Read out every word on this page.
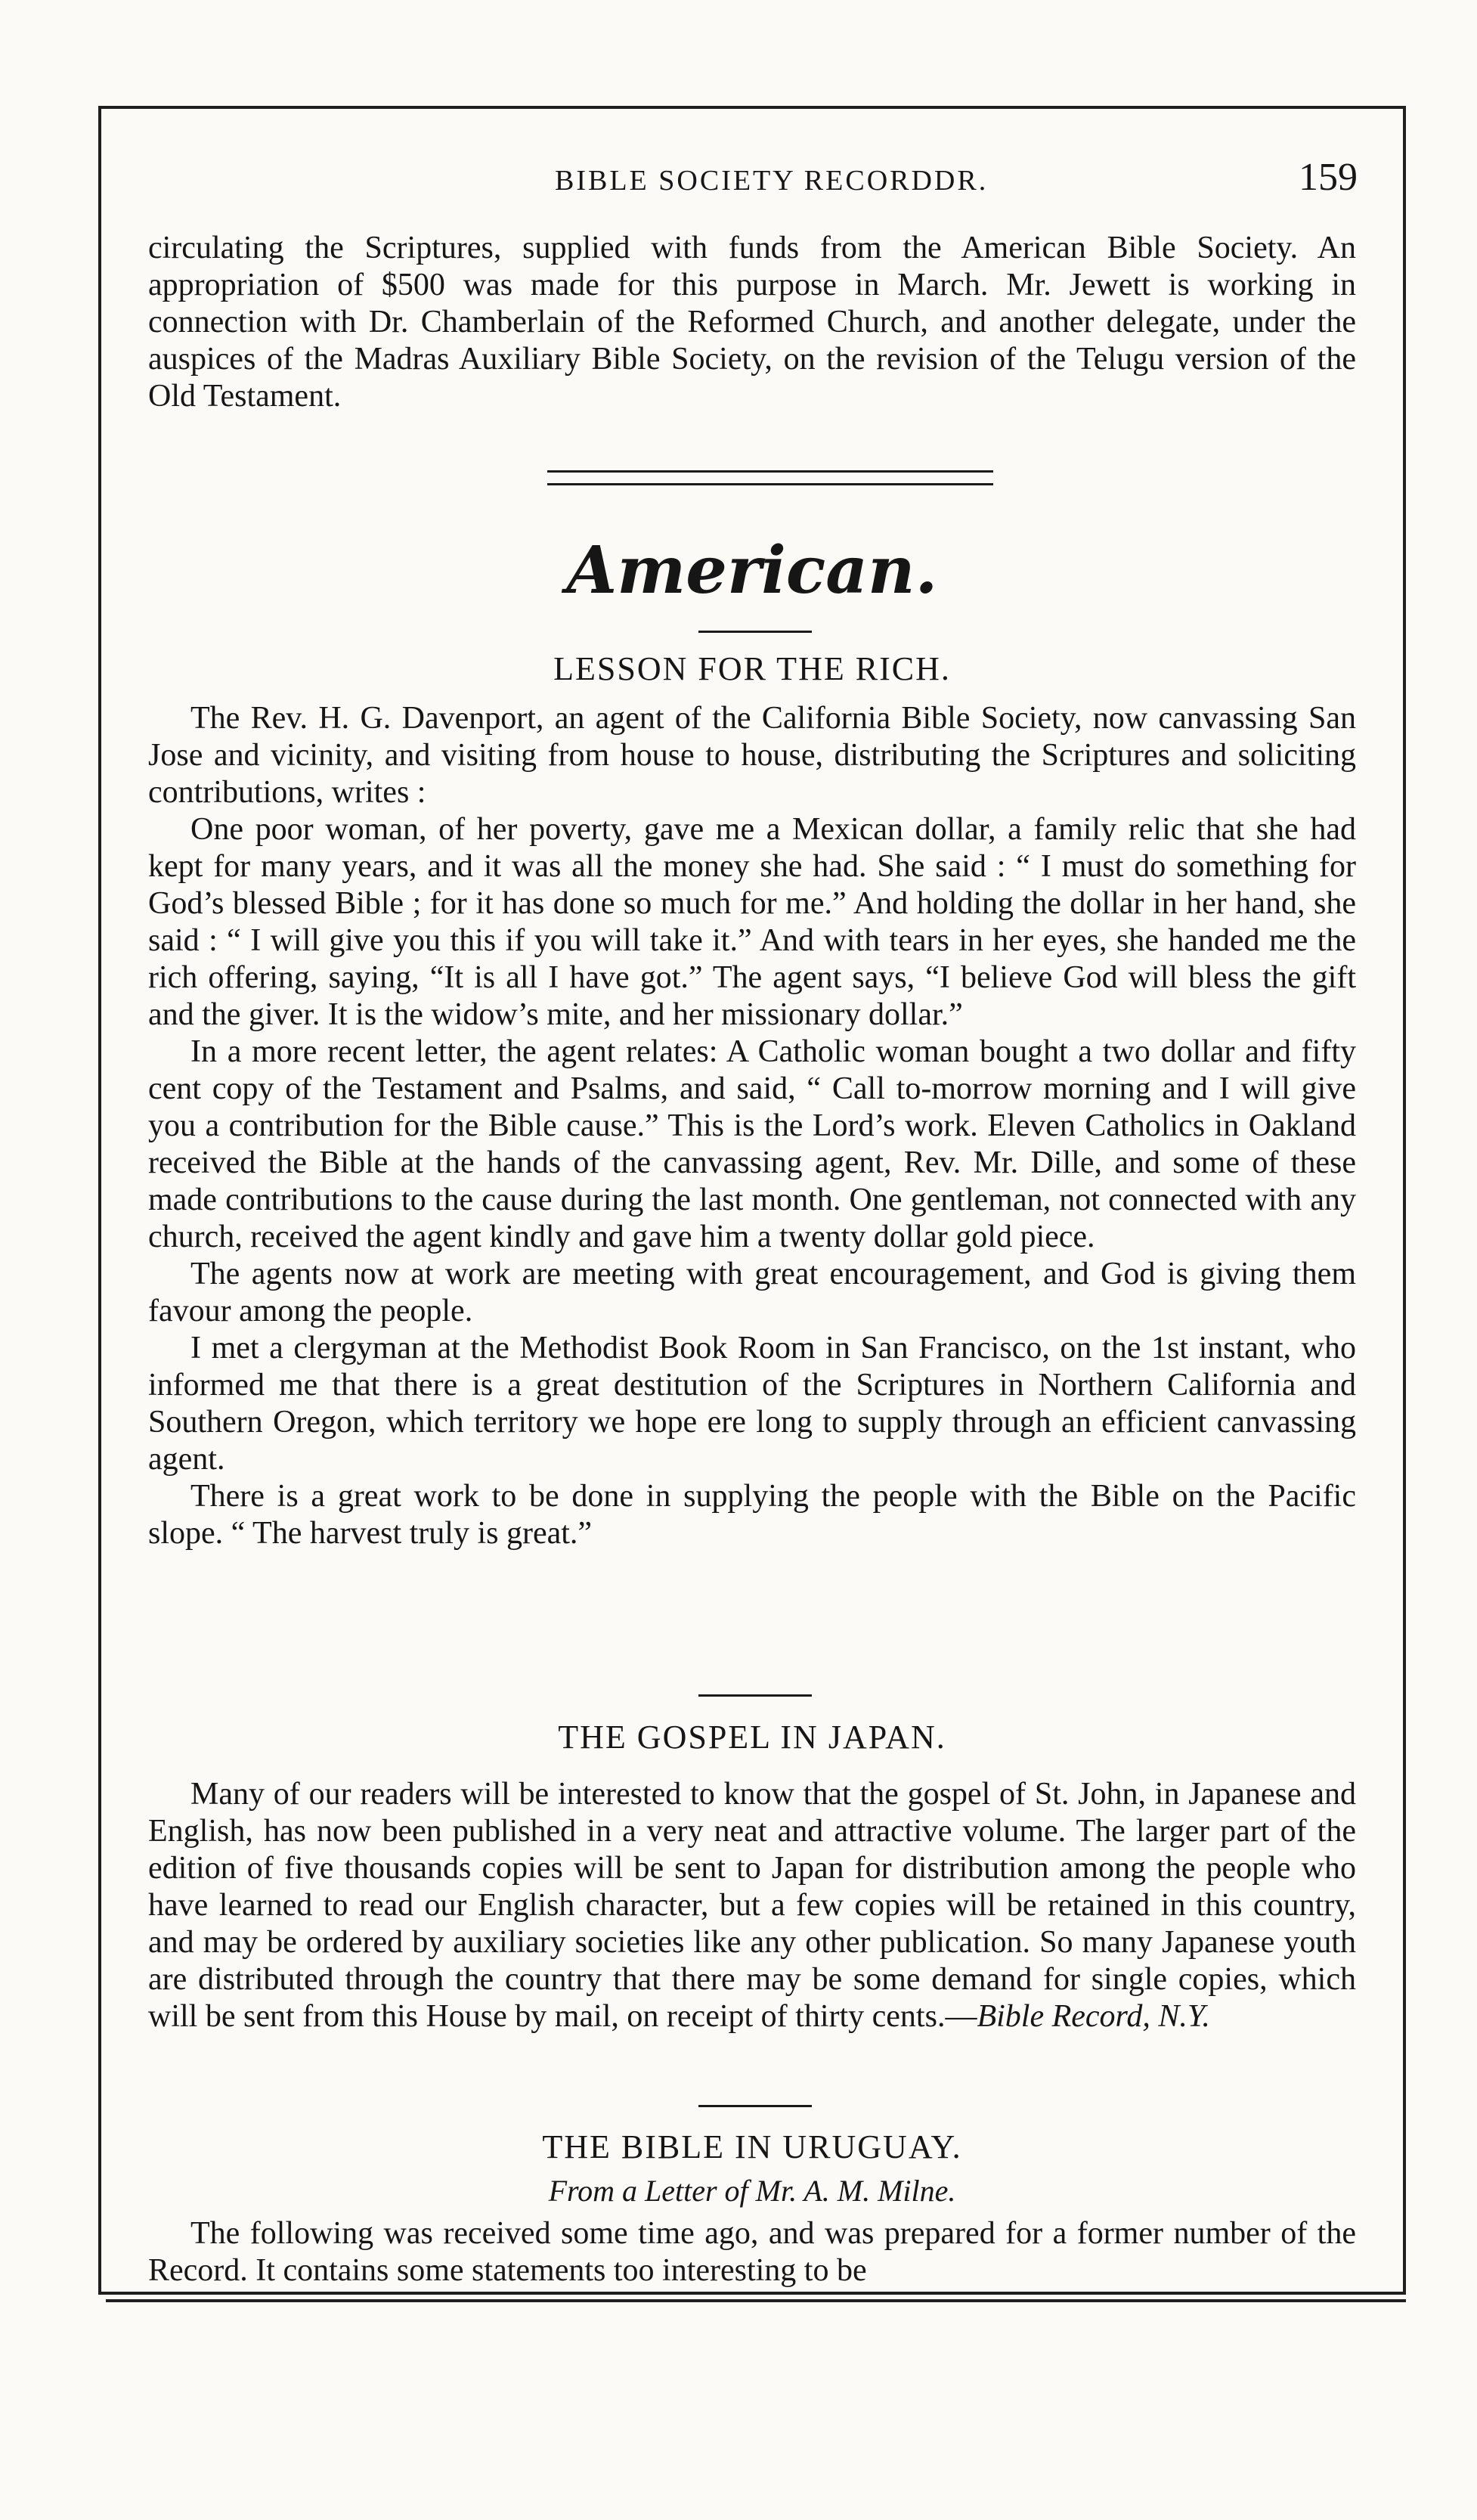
BIBLE SOCIETY RECORDDR.	159

circulating the Scriptures, supplied with funds from the American Bible Society. An appropriation of $500 was made for this purpose in March. Mr. Jewett is working in connection with Dr. Chamberlain of the Reformed Church, and another delegate, under the auspices of the Madras Auxiliary Bible Society, on the revision of the Telugu version of the Old Testament.

American.
LESSON FOR THE RICH.

The Rev. H. G. Davenport, an agent of the California Bible Society, now canvassing San Jose and vicinity, and visiting from house to house, distributing the Scriptures and soliciting contributions, writes :

One poor woman, of her poverty, gave me a Mexican dollar, a family relic that she had kept for many years, and it was all the money she had. She said : “ I must do something for God’s blessed Bible ; for it has done so much for me.” And holding the dollar in her hand, she said : “ I will give you this if you will take it.” And with tears in her eyes, she handed me the rich offering, saying, “It is all I have got.” The agent says, “I believe God will bless the gift and the giver. It is the widow’s mite, and her missionary dollar.”

In a more recent letter, the agent relates: A Catholic woman bought a two dollar and fifty cent copy of the Testament and Psalms, and said, “ Call to-morrow morning and I will give you a contribution for the Bible cause.” This is the Lord’s work. Eleven Catholics in Oakland received the Bible at the hands of the canvassing agent, Rev. Mr. Dille, and some of these made contributions to the cause during the last month. One gentleman, not connected with any church, received the agent kindly and gave him a twenty dollar gold piece.

The agents now at work are meeting with great encouragement, and God is giving them favour among the people.

I met a clergyman at the Methodist Book Room in San Francisco, on the 1st instant, who informed me that there is a great destitution of the Scriptures in Northern California and Southern Oregon, which territory we hope ere long to supply through an efficient canvassing agent.

There is a great work to be done in supplying the people with the Bible on the Pacific slope. “ The harvest truly is great.”

THE GOSPEL IN JAPAN.

Many of our readers will be interested to know that the gospel of St. John, in Japanese and English, has now been published in a very neat and attractive volume. The larger part of the edition of five thousands copies will be sent to Japan for distribution among the people who have learned to read our English character, but a few copies will be retained in this country, and may be ordered by auxiliary societies like any other publication. So many Japanese youth are distributed through the country that there may be some demand for single copies, which will be sent from this House by mail, on receipt of thirty cents.—Bible Record, N.Y.

THE BIBLE IN URUGUAY.
From a Letter of Mr. A. M. Milne.

The following was received some time ago, and was prepared for a former number of the Record. It contains some statements too interesting to be
